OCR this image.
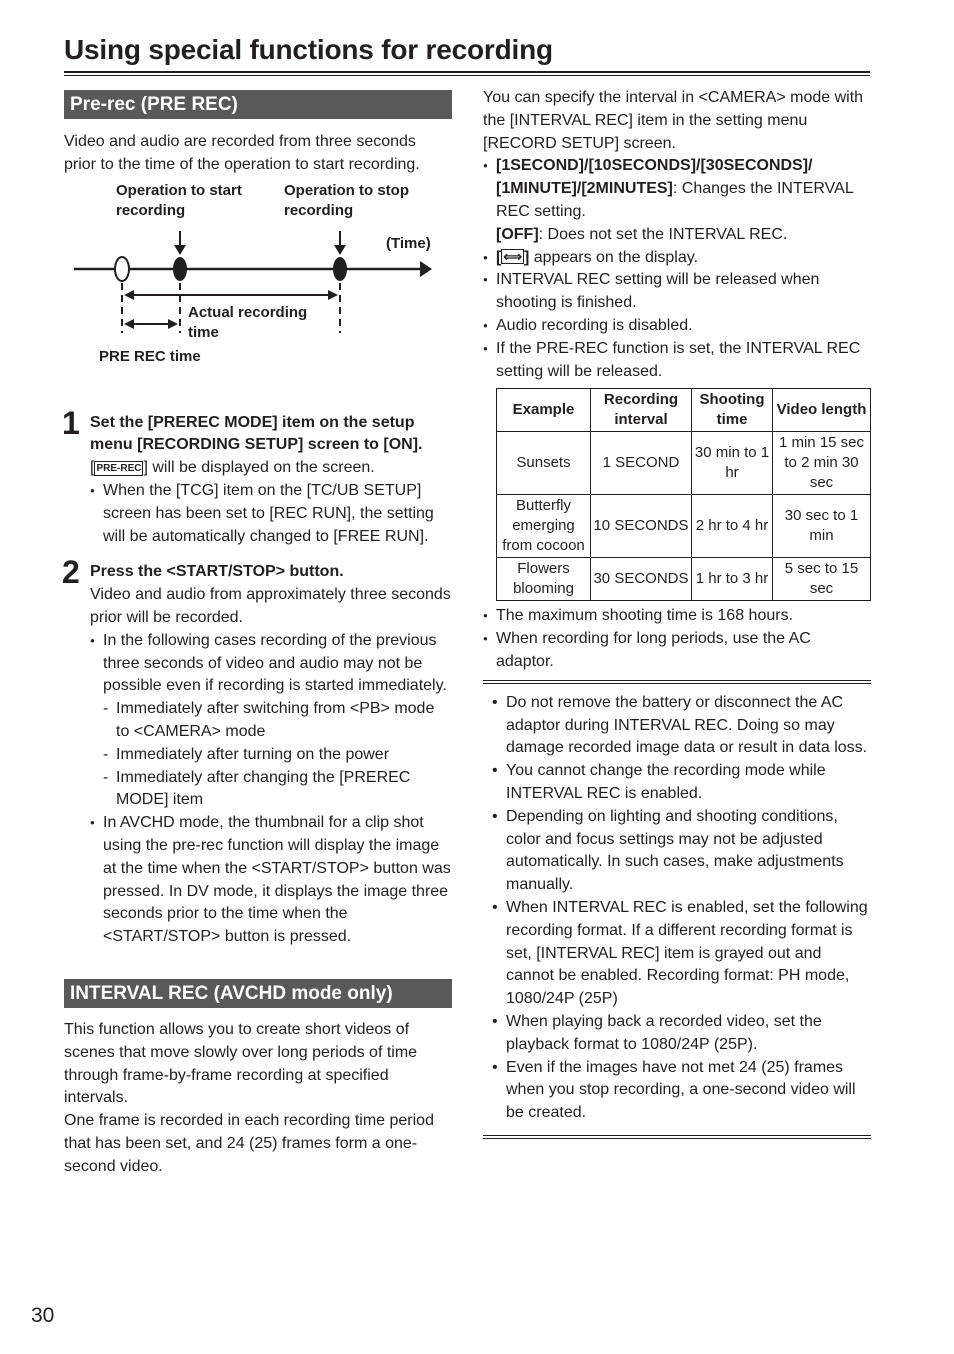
Using special functions for recording
Pre-rec (PRE REC)

Video and audio are recorded from three seconds prior to the time of the operation to start recording.

Operation to start recording
Operation to stop recording
(Time)
Actual recording time
PRE REC time
1 Set the [PREREC MODE] item on the setup menu [RECORDING SETUP] screen to [ON].

[ PRE-REC ] will be displayed on the screen.

● When the [TCG] item on the [TC/UB SETUP] screen has been set to [REC RUN], the setting will be automatically changed to [FREE RUN].

2 Press the <START/STOP> button.

Video and audio from approximately three seconds prior will be recorded.

● In the following cases recording of the previous three seconds of video and audio may not be possible even if recording is started immediately.

- Immediately after switching from <PB> mode to <CAMERA> mode

- Immediately after turning on the power

- Immediately after changing the [PREREC MODE] item

● In AVCHD mode, the thumbnail for a clip shot using the pre-rec function will display the image at the time when the <START/STOP> button was pressed. In DV mode, it displays the image three seconds prior to the time when the <START/STOP> button is pressed.

INTERVAL REC (AVCHD mode only)

This function allows you to create short videos of scenes that move slowly over long periods of time through frame-by-frame recording at specified intervals.

One frame is recorded in each recording time period that has been set, and 24 (25) frames form a one-second video.

You can specify the interval in <CAMERA> mode with the [INTERVAL REC] item in the setting menu [RECORD SETUP] screen.

● [1SECOND]/[10SECONDS]/[30SECONDS]/ [1MINUTE]/[2MINUTES]: Changes the INTERVAL REC setting.
[OFF]: Does not set the INTERVAL REC.

● [ ⟺ ] appears on the display.

● INTERVAL REC setting will be released when shooting is finished.

● Audio recording is disabled.

● If the PRE-REC function is set, the INTERVAL REC setting will be released.

Example	Recording interval	Shooting time	Video length
Sunsets	1 SECOND	30 min to 1 hr	1 min 15 sec to 2 min 30 sec
Butterfly emerging from cocoon	10 SECONDS	2 hr to 4 hr	30 sec to 1 min
Flowers blooming	30 SECONDS	1 hr to 3 hr	5 sec to 15 sec

● The maximum shooting time is 168 hours.

● When recording for long periods, use the AC adaptor.

• Do not remove the battery or disconnect the AC adaptor during INTERVAL REC. Doing so may damage recorded image data or result in data loss.

• You cannot change the recording mode while INTERVAL REC is enabled.

• Depending on lighting and shooting conditions, color and focus settings may not be adjusted automatically. In such cases, make adjustments manually.

• When INTERVAL REC is enabled, set the following recording format. If a different recording format is set, [INTERVAL REC] item is grayed out and cannot be enabled. Recording format: PH mode, 1080/24P (25P)

• When playing back a recorded video, set the playback format to 1080/24P (25P).

• Even if the images have not met 24 (25) frames when you stop recording, a one-second video will be created.

30
